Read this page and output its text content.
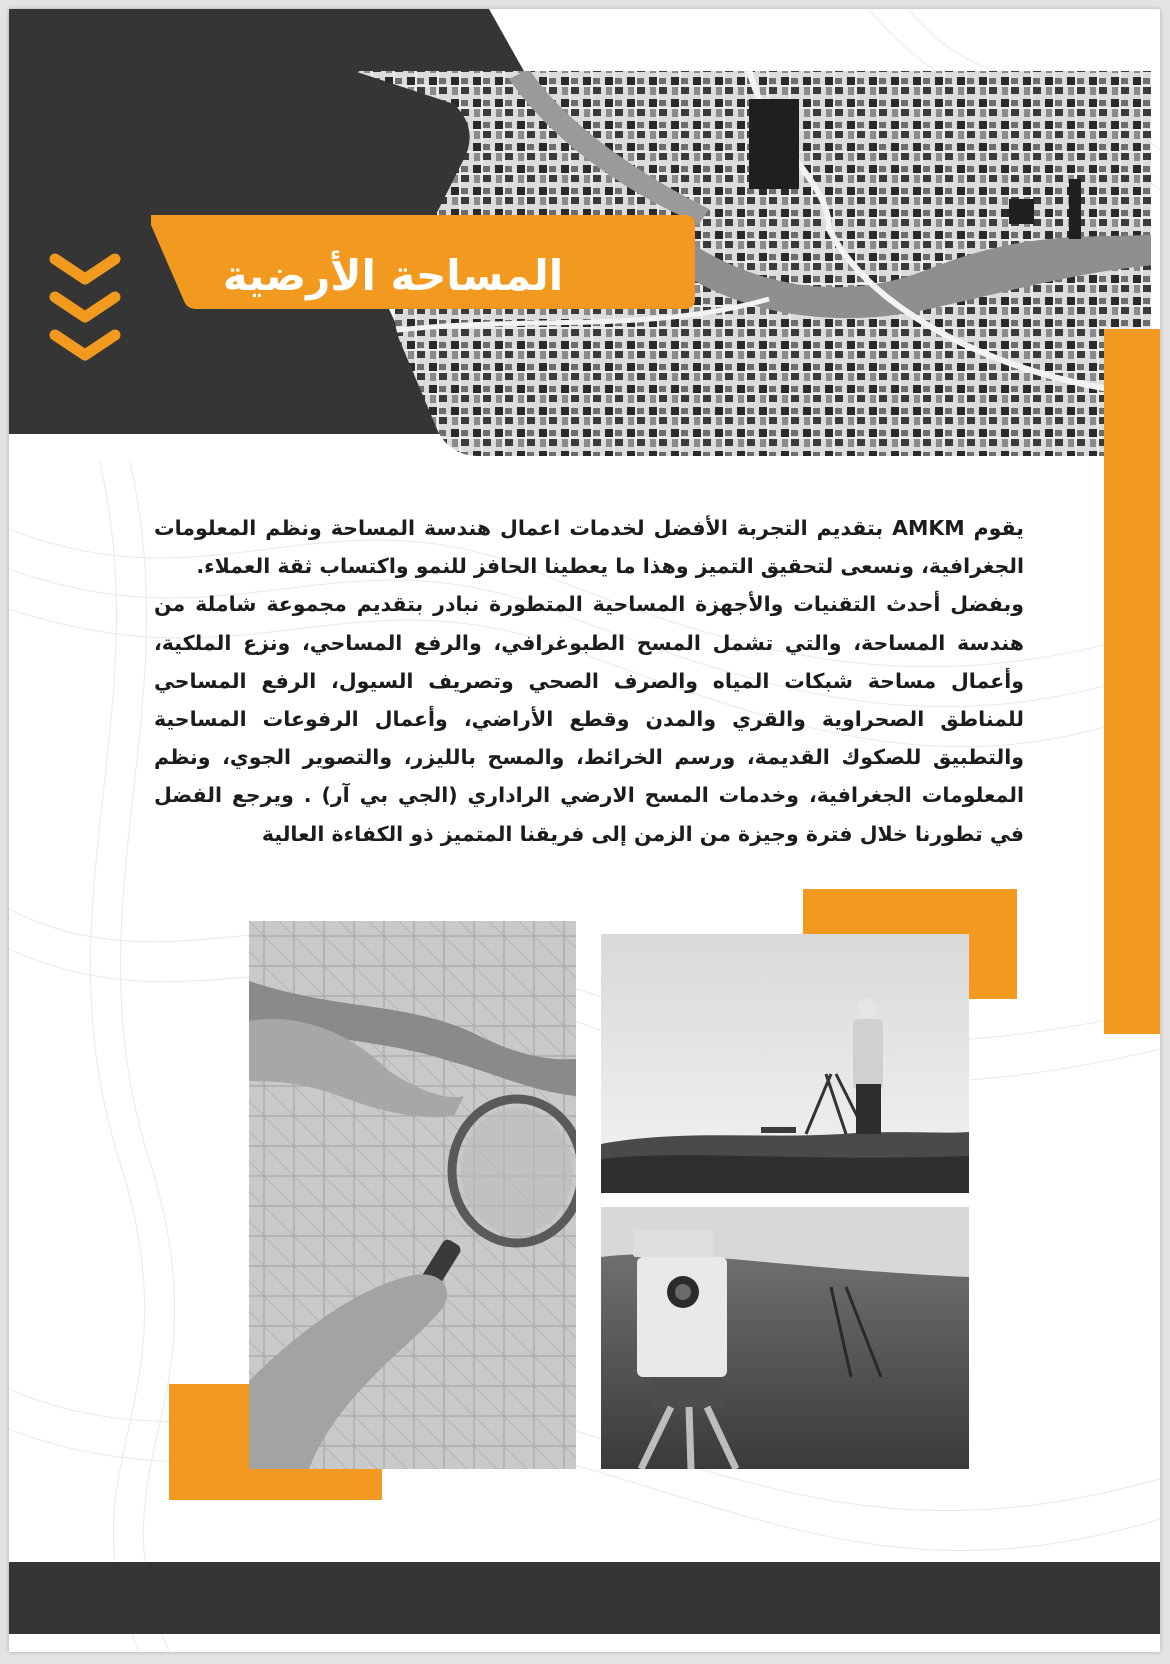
المساحة الأرضية

يقوم AMKM بتقديم التجربة الأفضل لخدمات اعمال هندسة المساحة ونظم المعلومات الجغرافية، ونسعى لتحقيق التميز وهذا ما يعطينا الحافز للنمو واكتساب ثقة العملاء.

وبفضل أحدث التقنيات والأجهزة المساحية المتطورة نبادر بتقديم مجموعة شاملة من هندسة المساحة، والتي تشمل المسح الطبوغرافي، والرفع المساحي، ونزع الملكية، وأعمال مساحة شبكات المياه والصرف الصحي وتصريف السيول، الرفع المساحي للمناطق الصحراوية والقري والمدن وقطع الأراضي، وأعمال الرفوعات المساحية والتطبيق للصكوك القديمة، ورسم الخرائط، والمسح بالليزر، والتصوير الجوي، ونظم المعلومات الجغرافية، وخدمات المسح الارضي الراداري (الجي بي آر) . ويرجع الفضل في تطورنا خلال فترة وجيزة من الزمن إلى فريقنا المتميز ذو الكفاءة العالية
